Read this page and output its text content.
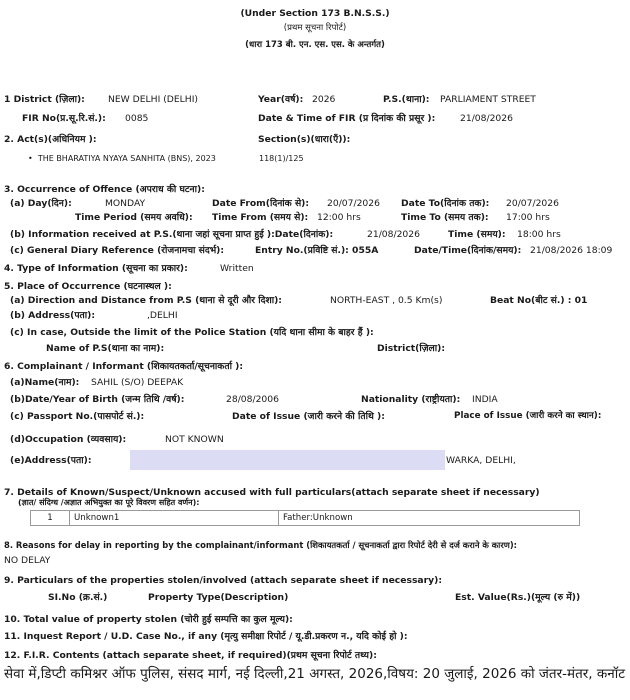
(Under Section 173 B.N.S.S.)
(प्रथम सूचना रिपोर्ट)
(धारा 173 बी. एन. एस. एस. के अन्तर्गत)
1 District (ज़िला):	NEW DELHI (DELHI)	Year(वर्ष): 2026	P.S.(थाना): PARLIAMENT STREET
FIR No(प्र.सू.रि.सं.): 0085	Date & Time of FIR (प्र दिनांक की प्रसूर ):	21/08/2026
2. Act(s)(अधिनियम ):	Section(s)(धारा(एँ)):
•  THE BHARATIYA NYAYA SANHITA (BNS), 2023	118(1)/125
3. Occurrence of Offence (अपराध की घटना):
(a) Day(दिन):	MONDAY	Date From(दिनांक से): 20/07/2026 Date To(दिनांक तक): 20/07/2026
Time Period (समय अवधि): Time From (समय से): 12:00 hrs	Time To (समय तक): 17:00 hrs
(b) Information received at P.S.(थाना जहां सूचना प्राप्त हुई ):Date(दिनांक):	21/08/2026	Time (समय): 18:00 hrs
(c) General Diary Reference (रोजनामचा संदर्भ):	Entry No.(प्रविष्टि सं.): 055A	Date/Time(दिनांक/समय): 21/08/2026 18:09
4. Type of Information (सूचना का प्रकार):	Written
5. Place of Occurrence (घटनास्थल ):
(a) Direction and Distance from P.S (थाना से दूरी और दिशा):	NORTH-EAST , 0.5 Km(s)	Beat No(बीट सं.) : 01
(b) Address(पता):	,DELHI
(c) In case, Outside the limit of the Police Station (यदि थाना सीमा के बाहर हैं ):
Name of P.S(थाना का नाम):	District(ज़िला):
6. Complainant / Informant (शिकायतकर्ता/सूचनाकर्ता ):
(a)Name(नाम): SAHIL (S/O) DEEPAK
(b)Date/Year of Birth (जन्म तिथि /वर्ष):	28/08/2006	Nationality (राष्ट्रीयता): INDIA
(c) Passport No.(पासपोर्ट सं.):	Date of Issue (जारी करने की तिथि ):	Place of Issue (जारी करने का स्थान):
(d)Occupation (व्यवसाय):	NOT KNOWN
(e)Address(पता):	WARKA, DELHI,
7. Details of Known/Suspect/Unknown accused with full particulars(attach separate sheet if necessary)
(ज्ञात/ संदिग्ध /अज्ञात अभियुक्त का पूरे विवरण सहित वर्णन):
1	Unknown1	Father:Unknown
8. Reasons for delay in reporting by the complainant/informant (शिकायतकर्ता / सूचनाकर्ता द्वारा रिपोर्ट देरी से दर्ज कराने के कारण):
NO DELAY
9. Particulars of the properties stolen/involved (attach separate sheet if necessary):
SI.No (क्र.सं.)	Property Type(Description)	Est. Value(Rs.)(मूल्य (रु में))
10. Total value of property stolen (चोरी हुई सम्पत्ति का कुल मूल्य):
11. Inquest Report / U.D. Case No., if any (मृत्यु समीक्षा रिपोर्ट / यू.डी.प्रकरण न., यदि कोई हो ):
12. F.I.R. Contents (attach separate sheet, if required)(प्रथम सूचना रिपोर्ट तथ्य):
सेवा में,डिप्टी कमिश्नर ऑफ पुलिस, संसद मार्ग, नई दिल्ली,21 अगस्त, 2026,विषय: 20 जुलाई, 2026 को जंतर-मंतर, कनॉट
